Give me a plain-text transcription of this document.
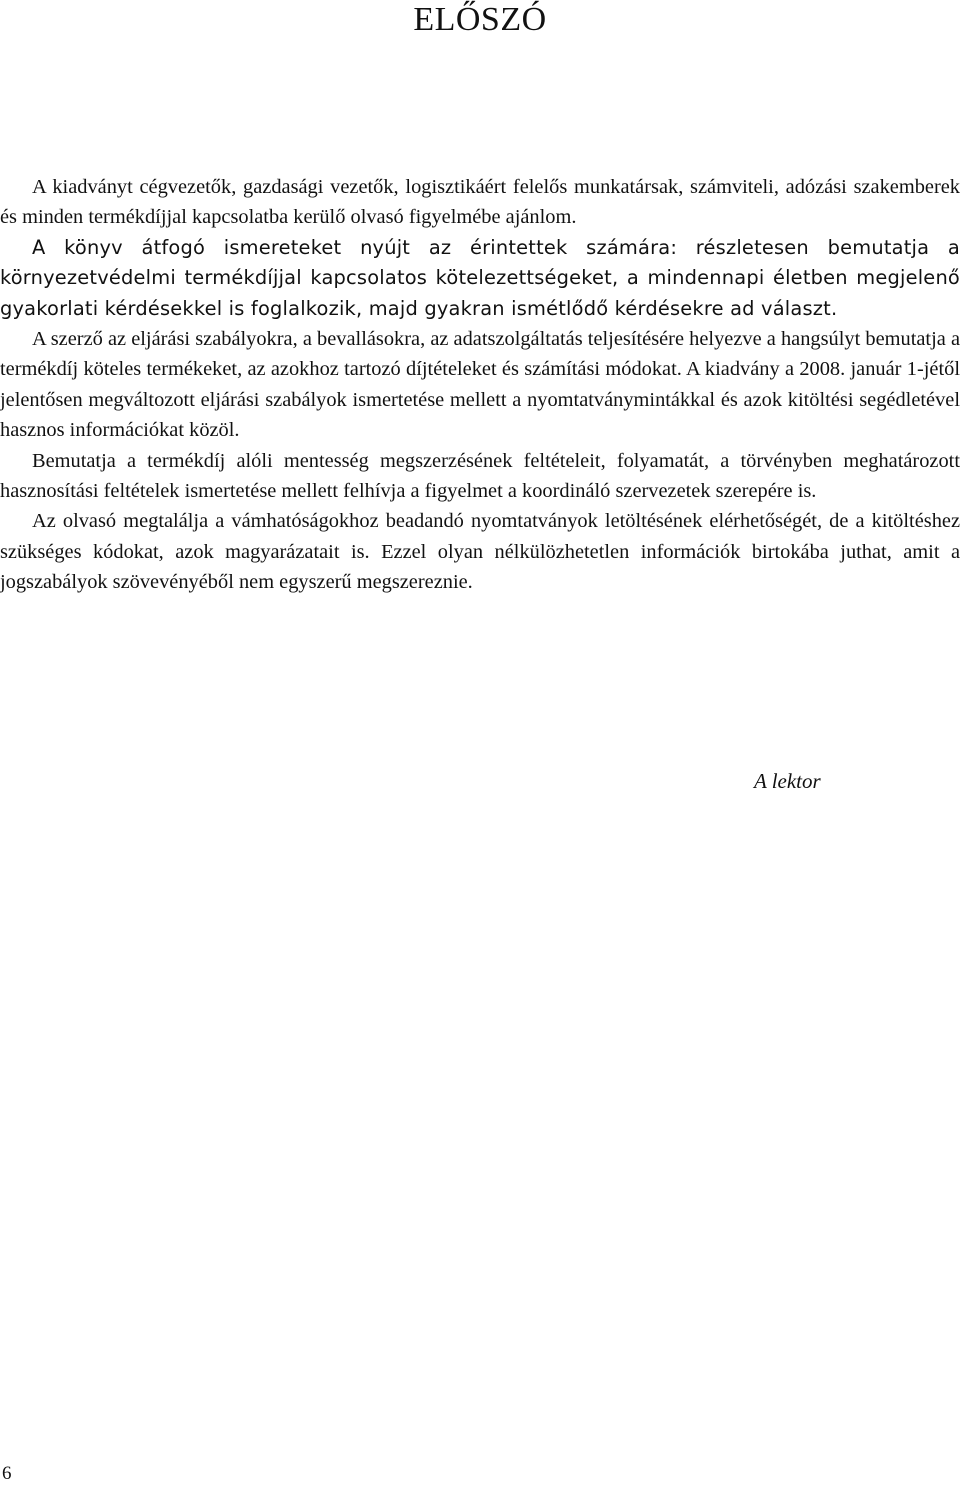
ELŐSZÓ

A kiadványt cégvezetők, gazdasági vezetők, logisztikáért felelős munkatársak, számviteli, adózási szakemberek és minden termékdíjjal kapcsolatba kerülő olvasó figyelmébe ajánlom.

A könyv átfogó ismereteket nyújt az érintettek számára: részletesen bemutatja a környezetvédelmi termékdíjjal kapcsolatos kötelezettségeket, a mindennapi életben megjelenő gyakorlati kérdésekkel is foglalkozik, majd gyakran ismétlődő kérdésekre ad választ.

A szerző az eljárási szabályokra, a bevallásokra, az adatszolgáltatás teljesítésére helyezve a hangsúlyt bemutatja a termékdíj köteles termékeket, az azokhoz tartozó díjtételeket és számítási módokat. A kiadvány a 2008. január 1-jétől jelentősen megváltozott eljárási szabályok ismertetése mellett a nyomtatványmintákkal és azok kitöltési segédletével hasznos információkat közöl.

Bemutatja a termékdíj alóli mentesség megszerzésének feltételeit, folyamatát, a törvényben meghatározott hasznosítási feltételek ismertetése mellett felhívja a figyelmet a koordináló szervezetek szerepére is.

Az olvasó megtalálja a vámhatóságokhoz beadandó nyomtatványok letöltésének elérhetőségét, de a kitöltéshez szükséges kódokat, azok magyarázatait is. Ezzel olyan nélkülözhetetlen információk birtokába juthat, amit a jogszabályok szövevényéből nem egyszerű megszereznie.

A lektor
6
